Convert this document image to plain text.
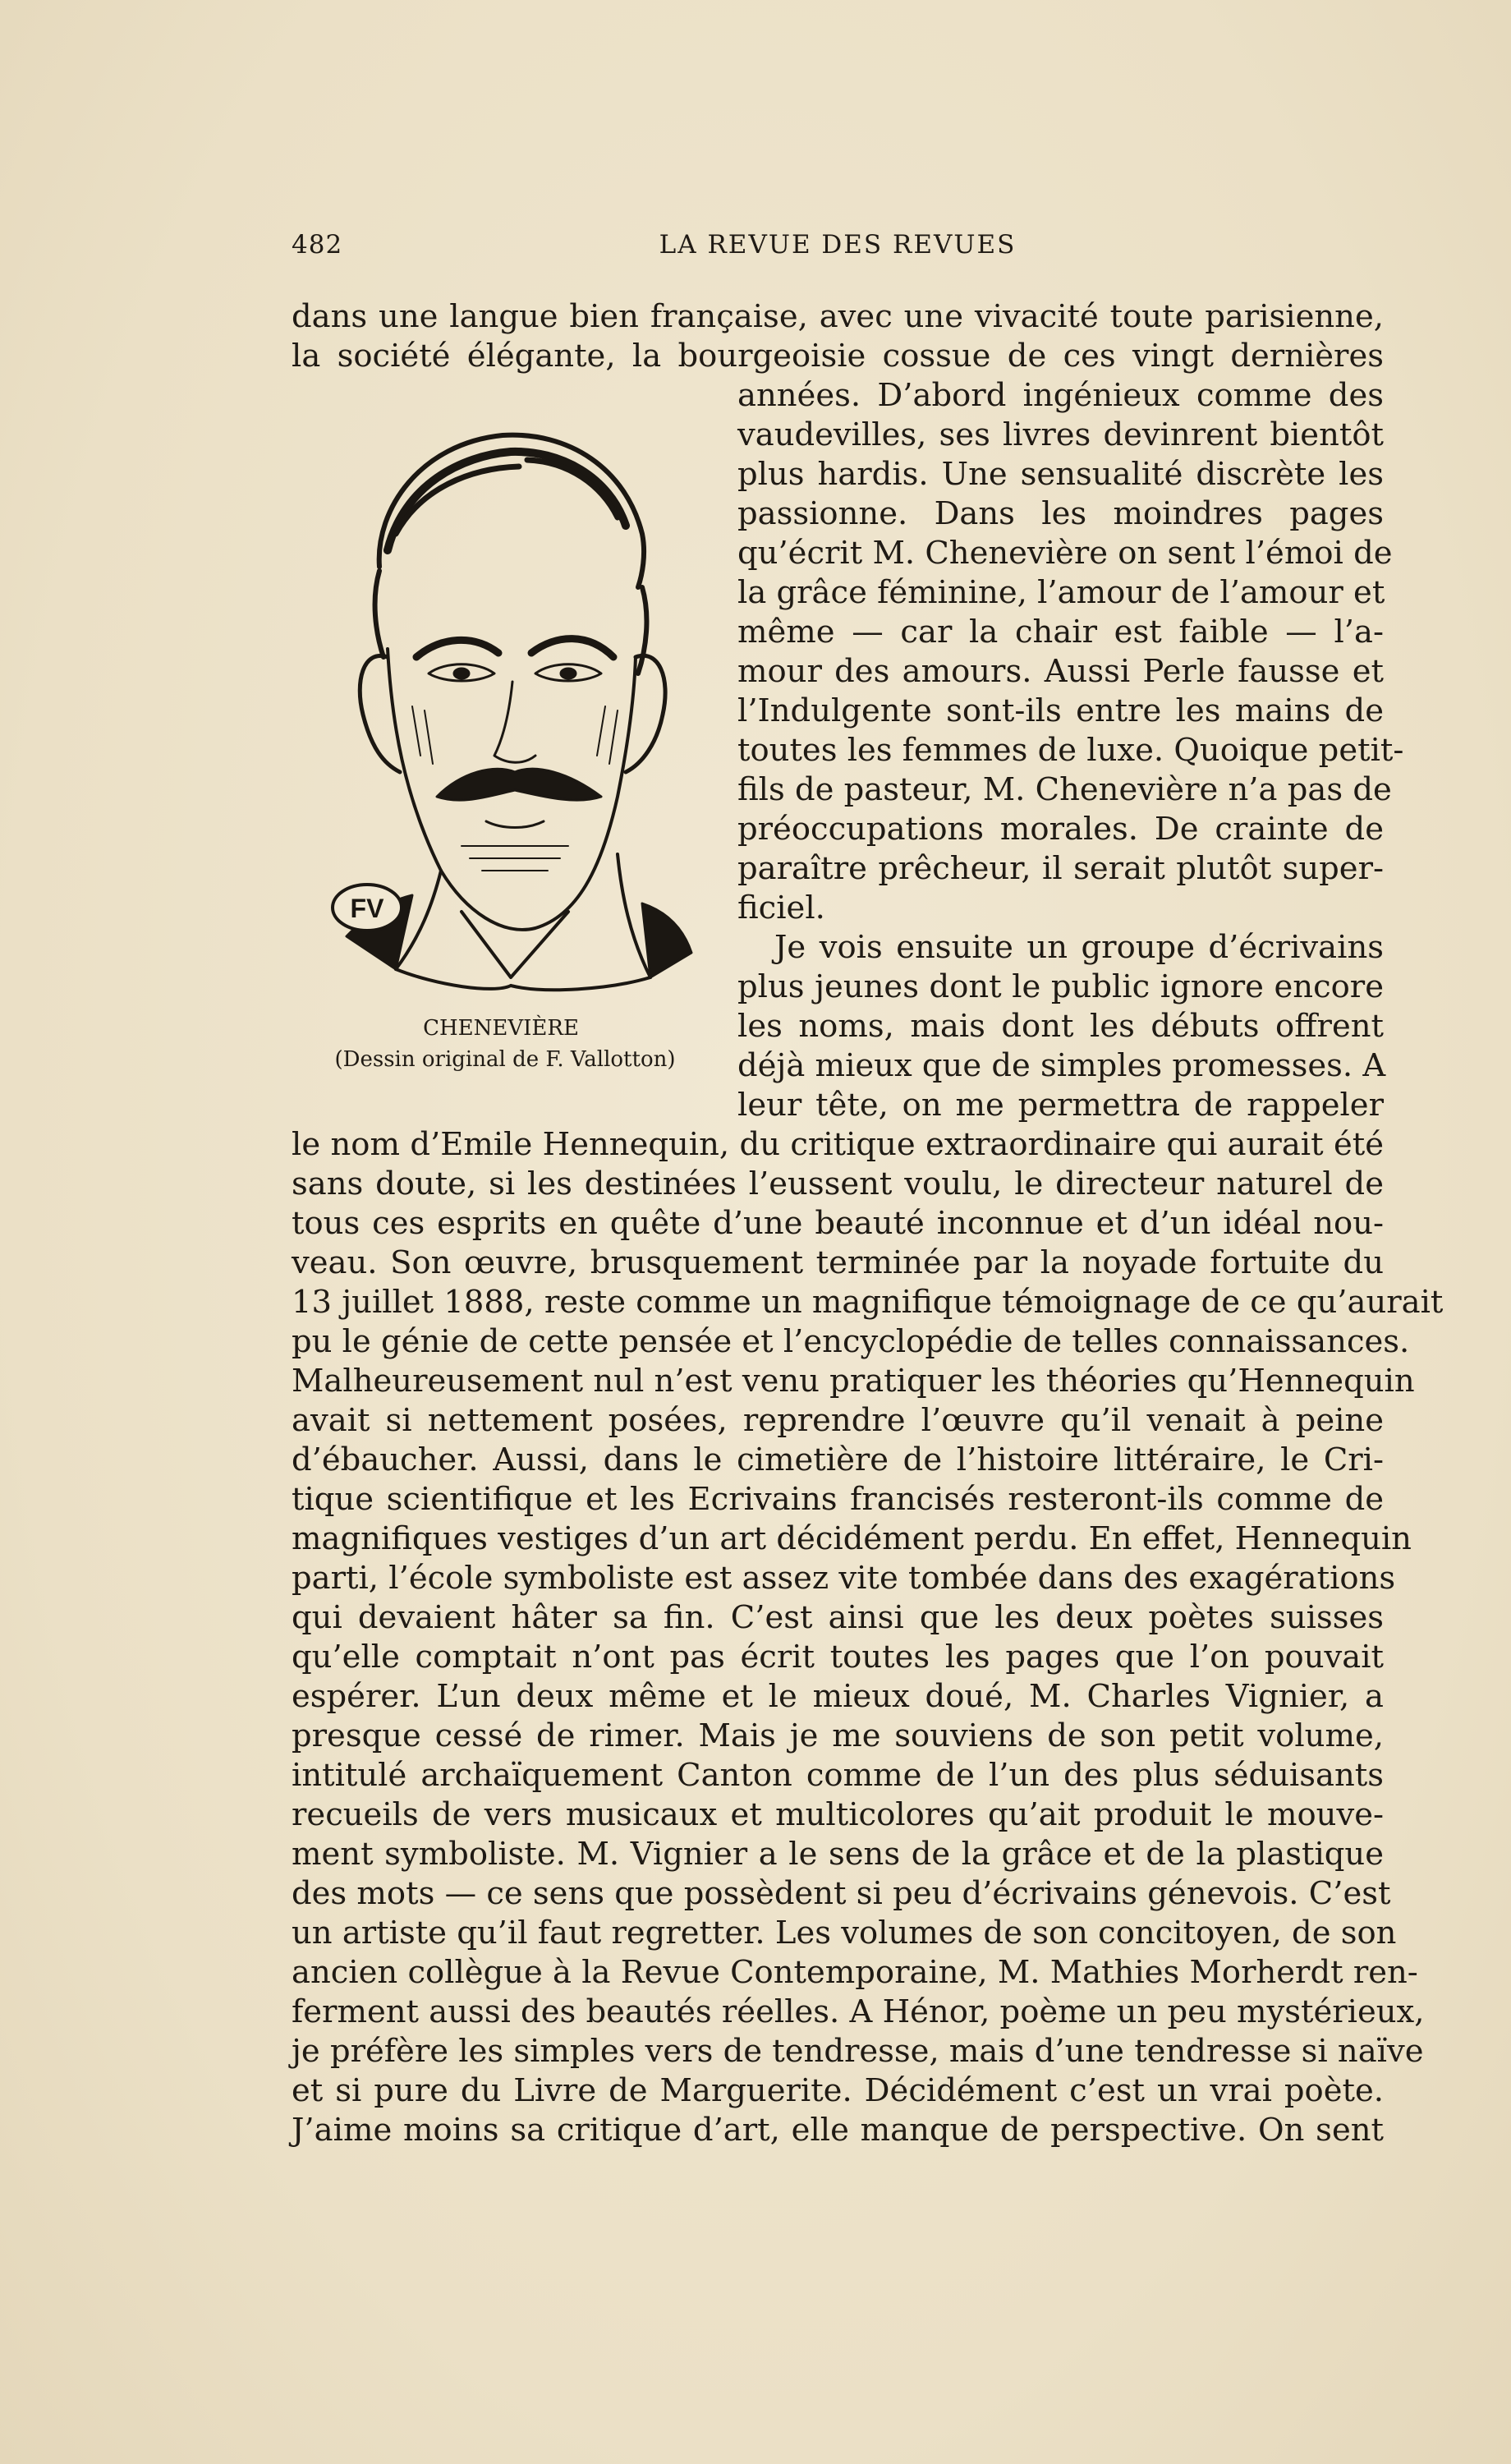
482	LA REVUE DES REVUES
dans une langue bien française, avec une vivacité toute parisienne,
la société élégante, la bourgeoisie cossue de ces vingt dernières
années. D’abord ingénieux comme des
vaudevilles, ses livres devinrent bientôt
plus hardis. Une sensualité discrète les
passionne. Dans les moindres pages
qu’écrit M. Chenevière on sent l’émoi de
la grâce féminine, l’amour de l’amour et
même — car la chair est faible — l’a-
mour des amours. Aussi Perle fausse et
l’Indulgente sont-ils entre les mains de
toutes les femmes de luxe. Quoique petit-
fils de pasteur, M. Chenevière n’a pas de
préoccupations morales. De crainte de
paraître prêcheur, il serait plutôt super-
ficiel.
Je vois ensuite un groupe d’écrivains
plus jeunes dont le public ignore encore
les noms, mais dont les débuts offrent
déjà mieux que de simples promesses. A
leur tête, on me permettra de rappeler
FV
CHENEVIÈRE
(Dessin original de F. Vallotton)
le nom d’Emile Hennequin, du critique extraordinaire qui aurait été
sans doute, si les destinées l’eussent voulu, le directeur naturel de
tous ces esprits en quête d’une beauté inconnue et d’un idéal nou-
veau. Son œuvre, brusquement terminée par la noyade fortuite du
13 juillet 1888, reste comme un magnifique témoignage de ce qu’aurait
pu le génie de cette pensée et l’encyclopédie de telles connaissances.
Malheureusement nul n’est venu pratiquer les théories qu’Hennequin
avait si nettement posées, reprendre l’œuvre qu’il venait à peine
d’ébaucher. Aussi, dans le cimetière de l’histoire littéraire, le Cri-
tique scientifique et les Ecrivains francisés resteront-ils comme de
magnifiques vestiges d’un art décidément perdu. En effet, Hennequin
parti, l’école symboliste est assez vite tombée dans des exagérations
qui devaient hâter sa fin. C’est ainsi que les deux poètes suisses
qu’elle comptait n’ont pas écrit toutes les pages que l’on pouvait
espérer. L’un deux même et le mieux doué, M. Charles Vignier, a
presque cessé de rimer. Mais je me souviens de son petit volume,
intitulé archaïquement Canton comme de l’un des plus séduisants
recueils de vers musicaux et multicolores qu’ait produit le mouve-
ment symboliste. M. Vignier a le sens de la grâce et de la plastique
des mots — ce sens que possèdent si peu d’écrivains génevois. C’est
un artiste qu’il faut regretter. Les volumes de son concitoyen, de son
ancien collègue à la Revue Contemporaine, M. Mathies Morherdt ren-
ferment aussi des beautés réelles. A Hénor, poème un peu mystérieux,
je préfère les simples vers de tendresse, mais d’une tendresse si naïve
et si pure du Livre de Marguerite. Décidément c’est un vrai poète.
J’aime moins sa critique d’art, elle manque de perspective. On sent
